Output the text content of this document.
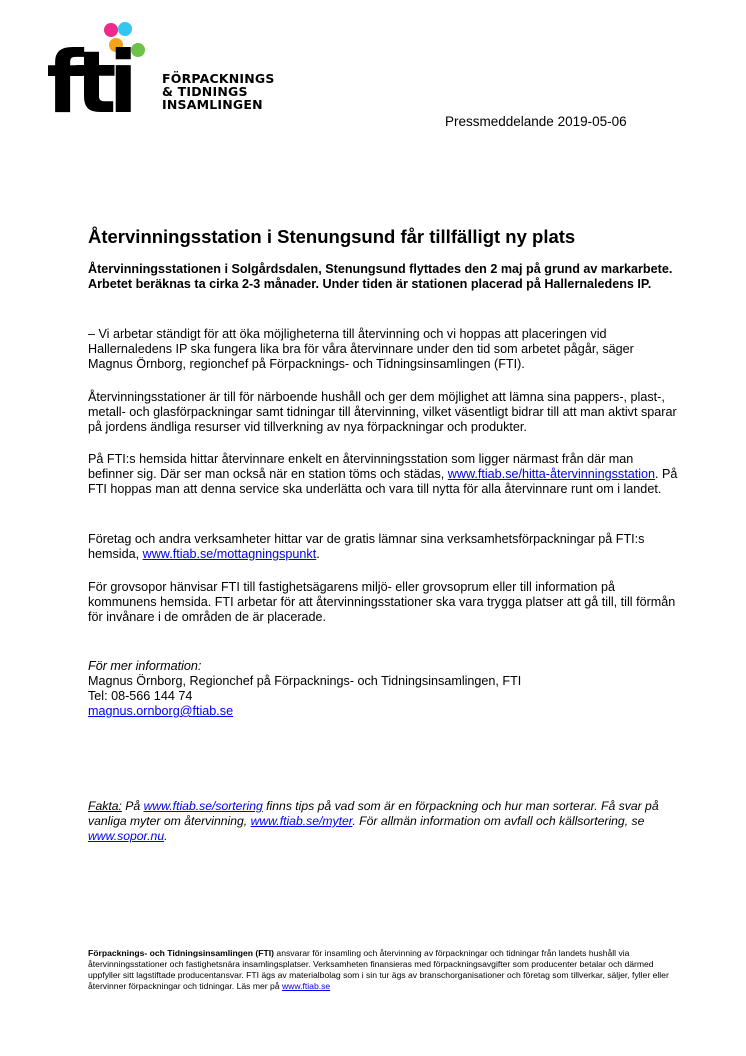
fti	FÖRPACKNINGS
& TIDNINGS
INSAMLINGEN
Pressmeddelande 2019-05-06
Återvinningsstation i Stenungsund får tillfälligt ny plats
Återvinningsstationen i Solgårdsdalen, Stenungsund flyttades den 2 maj på grund av markarbete. Arbetet beräknas ta cirka 2-3 månader. Under tiden är stationen placerad på Hallernaledens IP.
– Vi arbetar ständigt för att öka möjligheterna till återvinning och vi hoppas att placeringen vid Hallernaledens IP ska fungera lika bra för våra återvinnare under den tid som arbetet pågår, säger Magnus Örnborg, regionchef på Förpacknings- och Tidningsinsamlingen (FTI).
Återvinningsstationer är till för närboende hushåll och ger dem möjlighet att lämna sina pappers-, plast-, metall- och glasförpackningar samt tidningar till återvinning, vilket väsentligt bidrar till att man aktivt sparar på jordens ändliga resurser vid tillverkning av nya förpackningar och produkter.
På FTI:s hemsida hittar återvinnare enkelt en återvinningsstation som ligger närmast från där man befinner sig. Där ser man också när en station töms och städas, www.ftiab.se/hitta-återvinningsstation. På FTI hoppas man att denna service ska underlätta och vara till nytta för alla återvinnare runt om i landet.
Företag och andra verksamheter hittar var de gratis lämnar sina verksamhetsförpackningar på FTI:s hemsida, www.ftiab.se/mottagningspunkt.
För grovsopor hänvisar FTI till fastighetsägarens miljö- eller grovsoprum eller till information på kommunens hemsida. FTI arbetar för att återvinningsstationer ska vara trygga platser att gå till, till förmån för invånare i de områden de är placerade.
För mer information:
Magnus Örnborg, Regionchef på Förpacknings- och Tidningsinsamlingen, FTI
Tel: 08-566 144 74
magnus.ornborg@ftiab.se
Fakta: På www.ftiab.se/sortering finns tips på vad som är en förpackning och hur man sorterar. Få svar på vanliga myter om återvinning, www.ftiab.se/myter. För allmän information om avfall och källsortering, se www.sopor.nu.
Förpacknings- och Tidningsinsamlingen (FTI) ansvarar för insamling och återvinning av förpackningar och tidningar från landets hushåll via återvinningsstationer och fastighetsnära insamlingsplatser. Verksamheten finansieras med förpackningsavgifter som producenter betalar och därmed uppfyller sitt lagstiftade producentansvar. FTI ägs av materialbolag som i sin tur ägs av branschorganisationer och företag som tillverkar, säljer, fyller eller återvinner förpackningar och tidningar. Läs mer på www.ftiab.se
